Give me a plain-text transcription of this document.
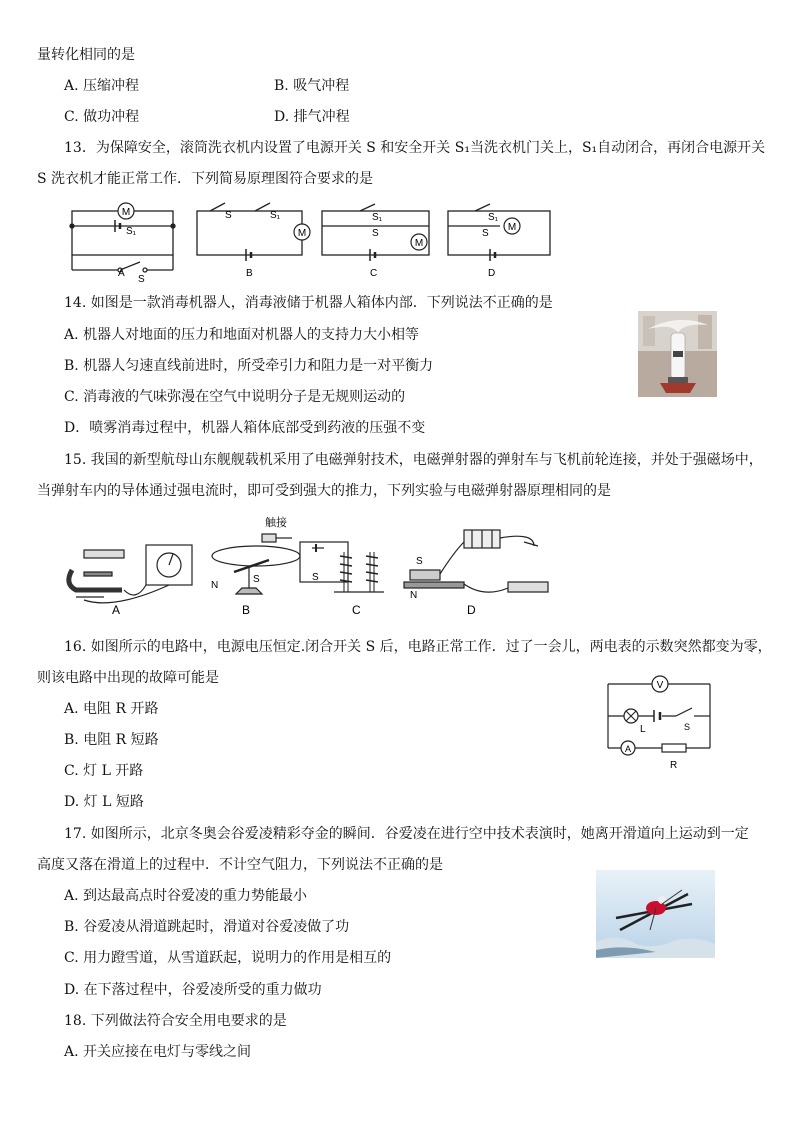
量转化相同的是
A. 压缩冲程	B. 吸气冲程
C. 做功冲程	D. 排气冲程
13．为保障安全，滚筒洗衣机内设置了电源开关 S 和安全开关 S₁当洗衣机门关上，S₁自动闭合，再闭合电源开关
S 洗衣机才能正常工作．下列简易原理图符合要求的是
M
S₁
S
S	S₁
M
S₁
S
M
S₁
S
M
A	B	C	D
14. 如图是一款消毒机器人，消毒液储于机器人箱体内部．下列说法不正确的是
A. 机器人对地面的压力和地面对机器人的支持力大小相等
B. 机器人匀速直线前进时，所受牵引力和阻力是一对平衡力
C. 消毒液的气味弥漫在空气中说明分子是无规则运动的
D．喷雾消毒过程中，机器人箱体底部受到药液的压强不变
15. 我国的新型航母山东舰舰载机采用了电磁弹射技术，电磁弹射器的弹射车与飞机前轮连接，并处于强磁场中，
当弹射车内的导体通过强电流时，即可受到强大的推力，下列实验与电磁弹射器原理相同的是
触接
N
S	S
S
N
A	B	C	D
16. 如图所示的电路中，电源电压恒定.闭合开关 S 后，电路正常工作．过了一会儿，两电表的示数突然都变为零，
则该电路中出现的故障可能是
A. 电阻 R 开路
B. 电阻 R 短路
C. 灯 L 开路
D. 灯 L 短路
V
A
L	S
R
17. 如图所示，北京冬奥会谷爱凌精彩夺金的瞬间．谷爱凌在进行空中技术表演时，她离开滑道向上运动到一定
高度又落在滑道上的过程中．不计空气阻力，下列说法不正确的是
A. 到达最高点时谷爱凌的重力势能最小
B. 谷爱凌从滑道跳起时，滑道对谷爱凌做了功
C. 用力蹬雪道，从雪道跃起，说明力的作用是相互的
D. 在下落过程中，谷爱凌所受的重力做功
18. 下列做法符合安全用电要求的是
A. 开关应接在电灯与零线之间
